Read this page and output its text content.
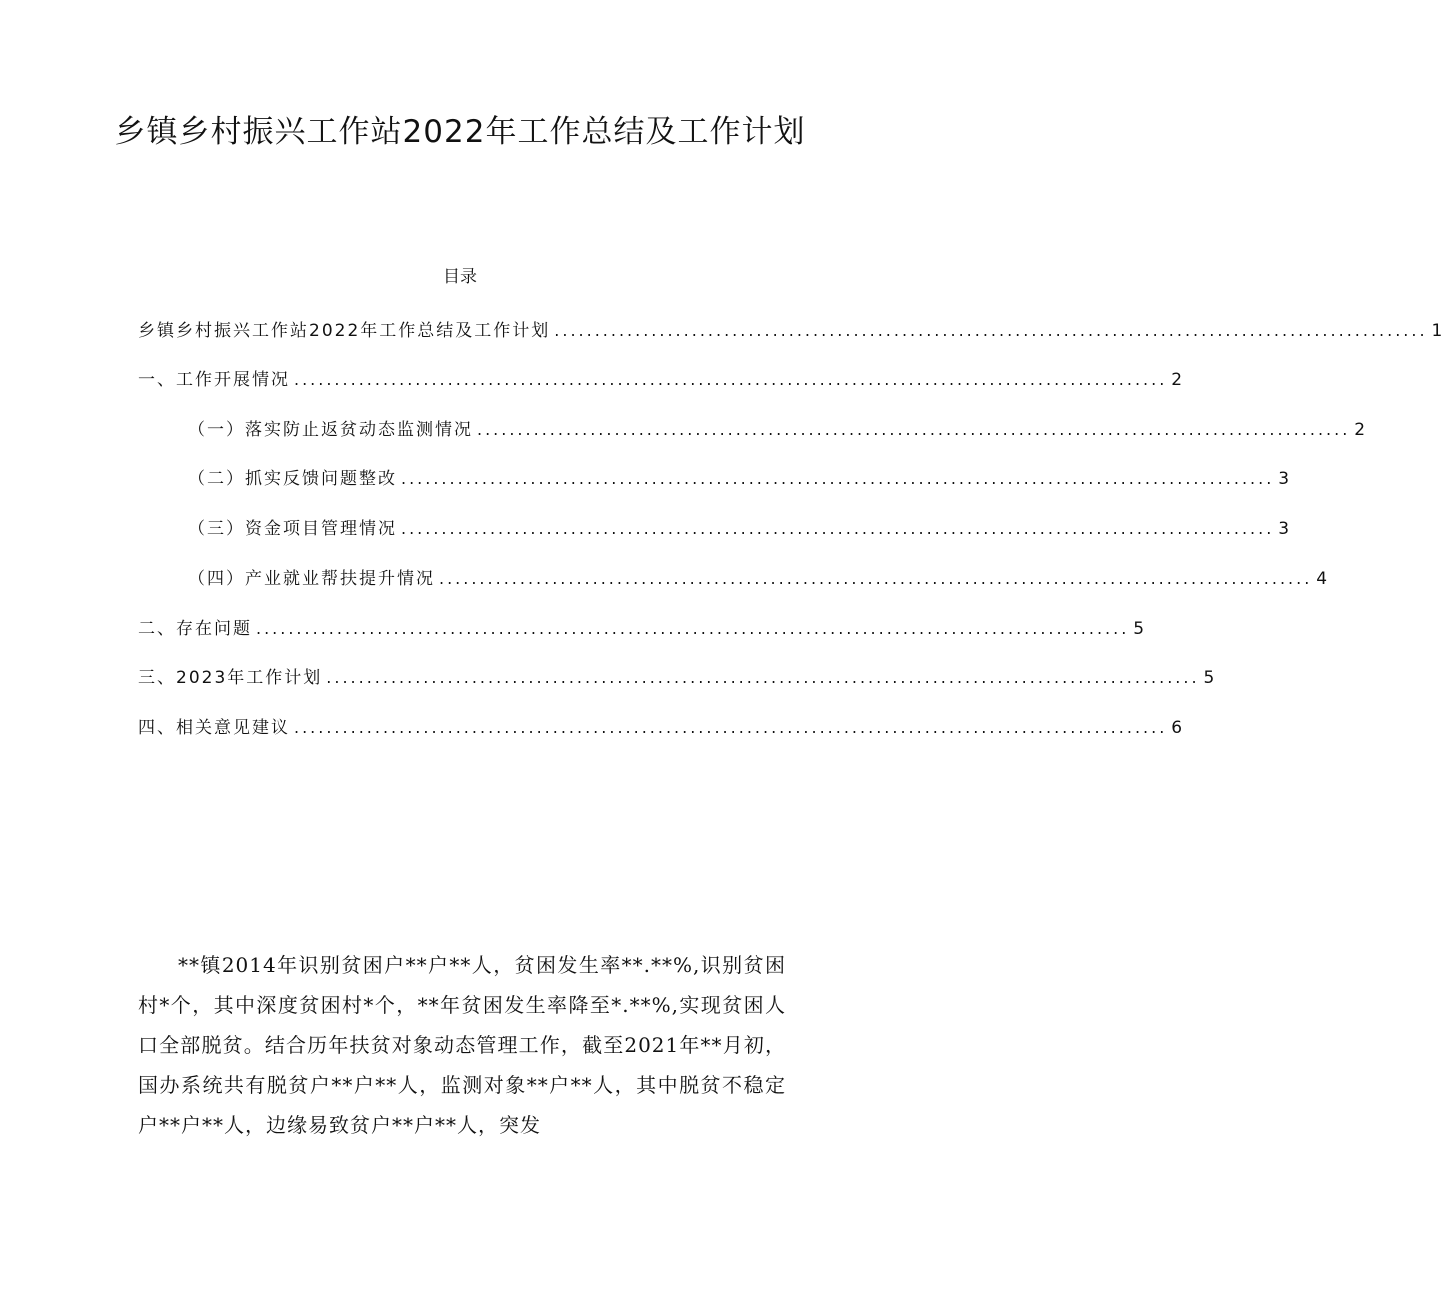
乡镇乡村振兴工作站2022年工作总结及工作计划
目录
乡镇乡村振兴工作站2022年工作总结及工作计划 ............................................................................................................ 1
一、工作开展情况 ............................................................................................................ 2
（一）落实防止返贫动态监测情况 ............................................................................................................ 2
（二）抓实反馈问题整改 ............................................................................................................ 3
（三）资金项目管理情况 ............................................................................................................ 3
（四）产业就业帮扶提升情况 ............................................................................................................ 4
二、存在问题 ............................................................................................................ 5
三、2023年工作计划 ............................................................................................................ 5
四、相关意见建议 ............................................................................................................ 6

**镇2014年识别贫困户**户**人，贫困发生率**.**%,识别贫困村*个，其中深度贫困村*个，**年贫困发生率降至*.**%,实现贫困人口全部脱贫。结合历年扶贫对象动态管理工作，截至2021年**月初，国办系统共有脱贫户**户**人，监测对象**户**人，其中脱贫不稳定户**户**人，边缘易致贫户**户**人，突发
